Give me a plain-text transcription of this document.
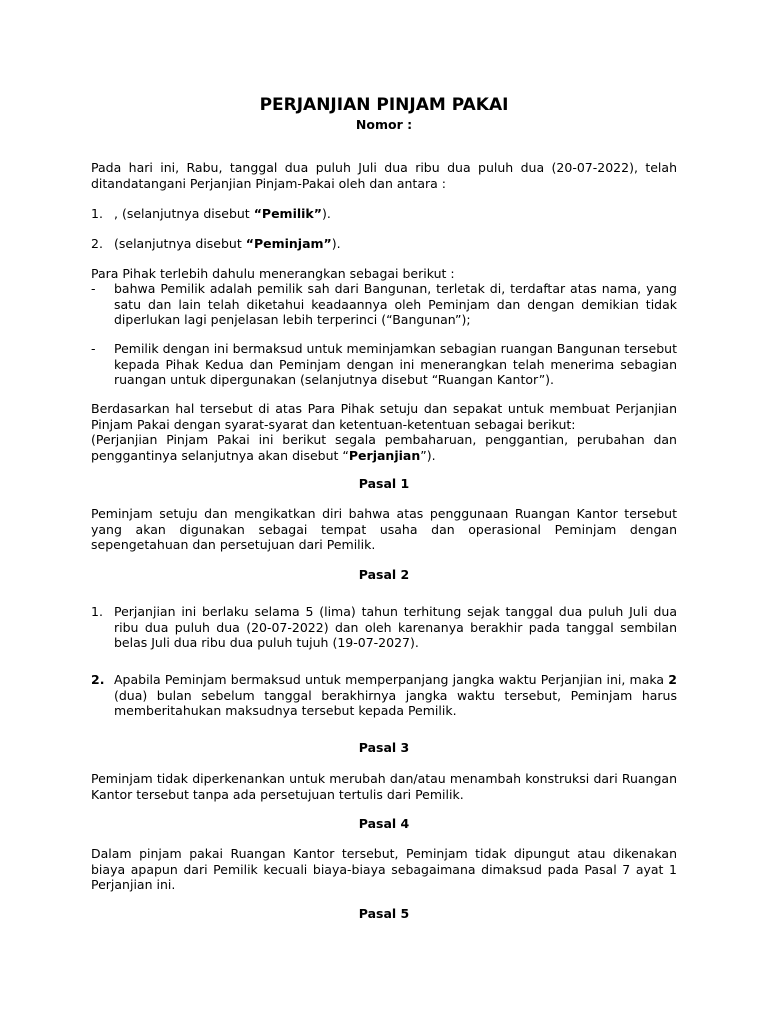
PERJANJIAN PINJAM PAKAI
Nomor :

Pada hari ini, Rabu, tanggal dua puluh Juli dua ribu dua puluh dua (20-07-2022), telah ditandatangani Perjanjian Pinjam-Pakai oleh dan antara :

1. , (selanjutnya disebut “Pemilik”).
2. (selanjutnya disebut “Peminjam”).

Para Pihak terlebih dahulu menerangkan sebagai berikut :

- bahwa Pemilik adalah pemilik sah dari Bangunan, terletak di, terdaftar atas nama, yang satu dan lain telah diketahui keadaannya oleh Peminjam dan dengan demikian tidak diperlukan lagi penjelasan lebih terperinci (“Bangunan”);
- Pemilik dengan ini bermaksud untuk meminjamkan sebagian ruangan Bangunan tersebut kepada Pihak Kedua dan Peminjam dengan ini menerangkan telah menerima sebagian ruangan untuk dipergunakan (selanjutnya disebut “Ruangan Kantor”).

Berdasarkan hal tersebut di atas Para Pihak setuju dan sepakat untuk membuat Perjanjian Pinjam Pakai dengan syarat-syarat dan ketentuan-ketentuan sebagai berikut:

(Perjanjian Pinjam Pakai ini berikut segala pembaharuan, penggantian, perubahan dan penggantinya selanjutnya akan disebut “Perjanjian”).

Pasal 1

Peminjam setuju dan mengikatkan diri bahwa atas penggunaan Ruangan Kantor tersebut yang akan digunakan sebagai tempat usaha dan operasional Peminjam dengan sepengetahuan dan persetujuan dari Pemilik.

Pasal 2
1. Perjanjian ini berlaku selama 5 (lima) tahun terhitung sejak tanggal dua puluh Juli dua ribu dua puluh dua (20-07-2022) dan oleh karenanya berakhir pada tanggal sembilan belas Juli dua ribu dua puluh tujuh (19-07-2027).
2. Apabila Peminjam bermaksud untuk memperpanjang jangka waktu Perjanjian ini, maka 2 (dua) bulan sebelum tanggal berakhirnya jangka waktu tersebut, Peminjam harus memberitahukan maksudnya tersebut kepada Pemilik.
Pasal 3

Peminjam tidak diperkenankan untuk merubah dan/atau menambah konstruksi dari Ruangan Kantor tersebut tanpa ada persetujuan tertulis dari Pemilik.

Pasal 4

Dalam pinjam pakai Ruangan Kantor tersebut, Peminjam tidak dipungut atau dikenakan biaya apapun dari Pemilik kecuali biaya-biaya sebagaimana dimaksud pada Pasal 7 ayat 1 Perjanjian ini.

Pasal 5
